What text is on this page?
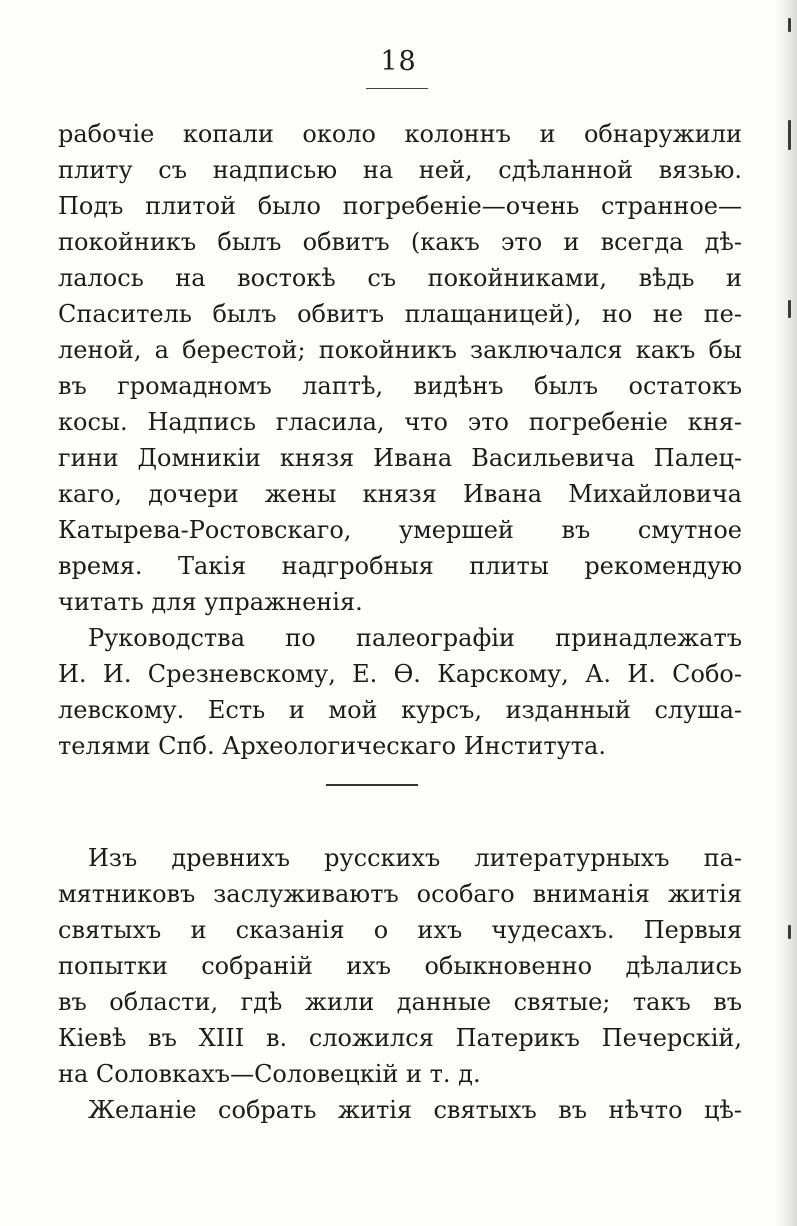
18
рабочіе копали около колоннъ и обнаружили
плиту съ надписью на ней, сдѣланной вязью.
Подъ плитой было погребеніе—очень странное—
покойникъ былъ обвитъ (какъ это и всегда дѣ-
лалось на востокѣ съ покойниками, вѣдь и
Спаситель былъ обвитъ плащаницей), но не пе-
леной, а берестой; покойникъ заключался какъ бы
въ громадномъ лаптѣ, видѣнъ былъ остатокъ
косы. Надпись гласила, что это погребеніе кня-
гини Домникіи князя Ивана Васильевича Палец-
каго, дочери жены князя Ивана Михайловича
Катырева-Ростовскаго, умершей въ смутное
время. Такія надгробныя плиты рекомендую
читать для упражненія.
Руководства по палеографіи принадлежатъ
И. И. Срезневскому, Е. Ѳ. Карскому, А. И. Собо-
левскому. Есть и мой курсъ, изданный слуша-
телями Спб. Археологическаго Института.
Изъ древнихъ русскихъ литературныхъ па-
мятниковъ заслуживаютъ особаго вниманія житія
святыхъ и сказанія о ихъ чудесахъ. Первыя
попытки собраній ихъ обыкновенно дѣлались
въ области, гдѣ жили данные святые; такъ въ
Кіевѣ въ XIII в. сложился Патерикъ Печерскій,
на Соловкахъ—Соловецкій и т. д.
Желаніе собрать житія святыхъ въ нѣчто цѣ-
